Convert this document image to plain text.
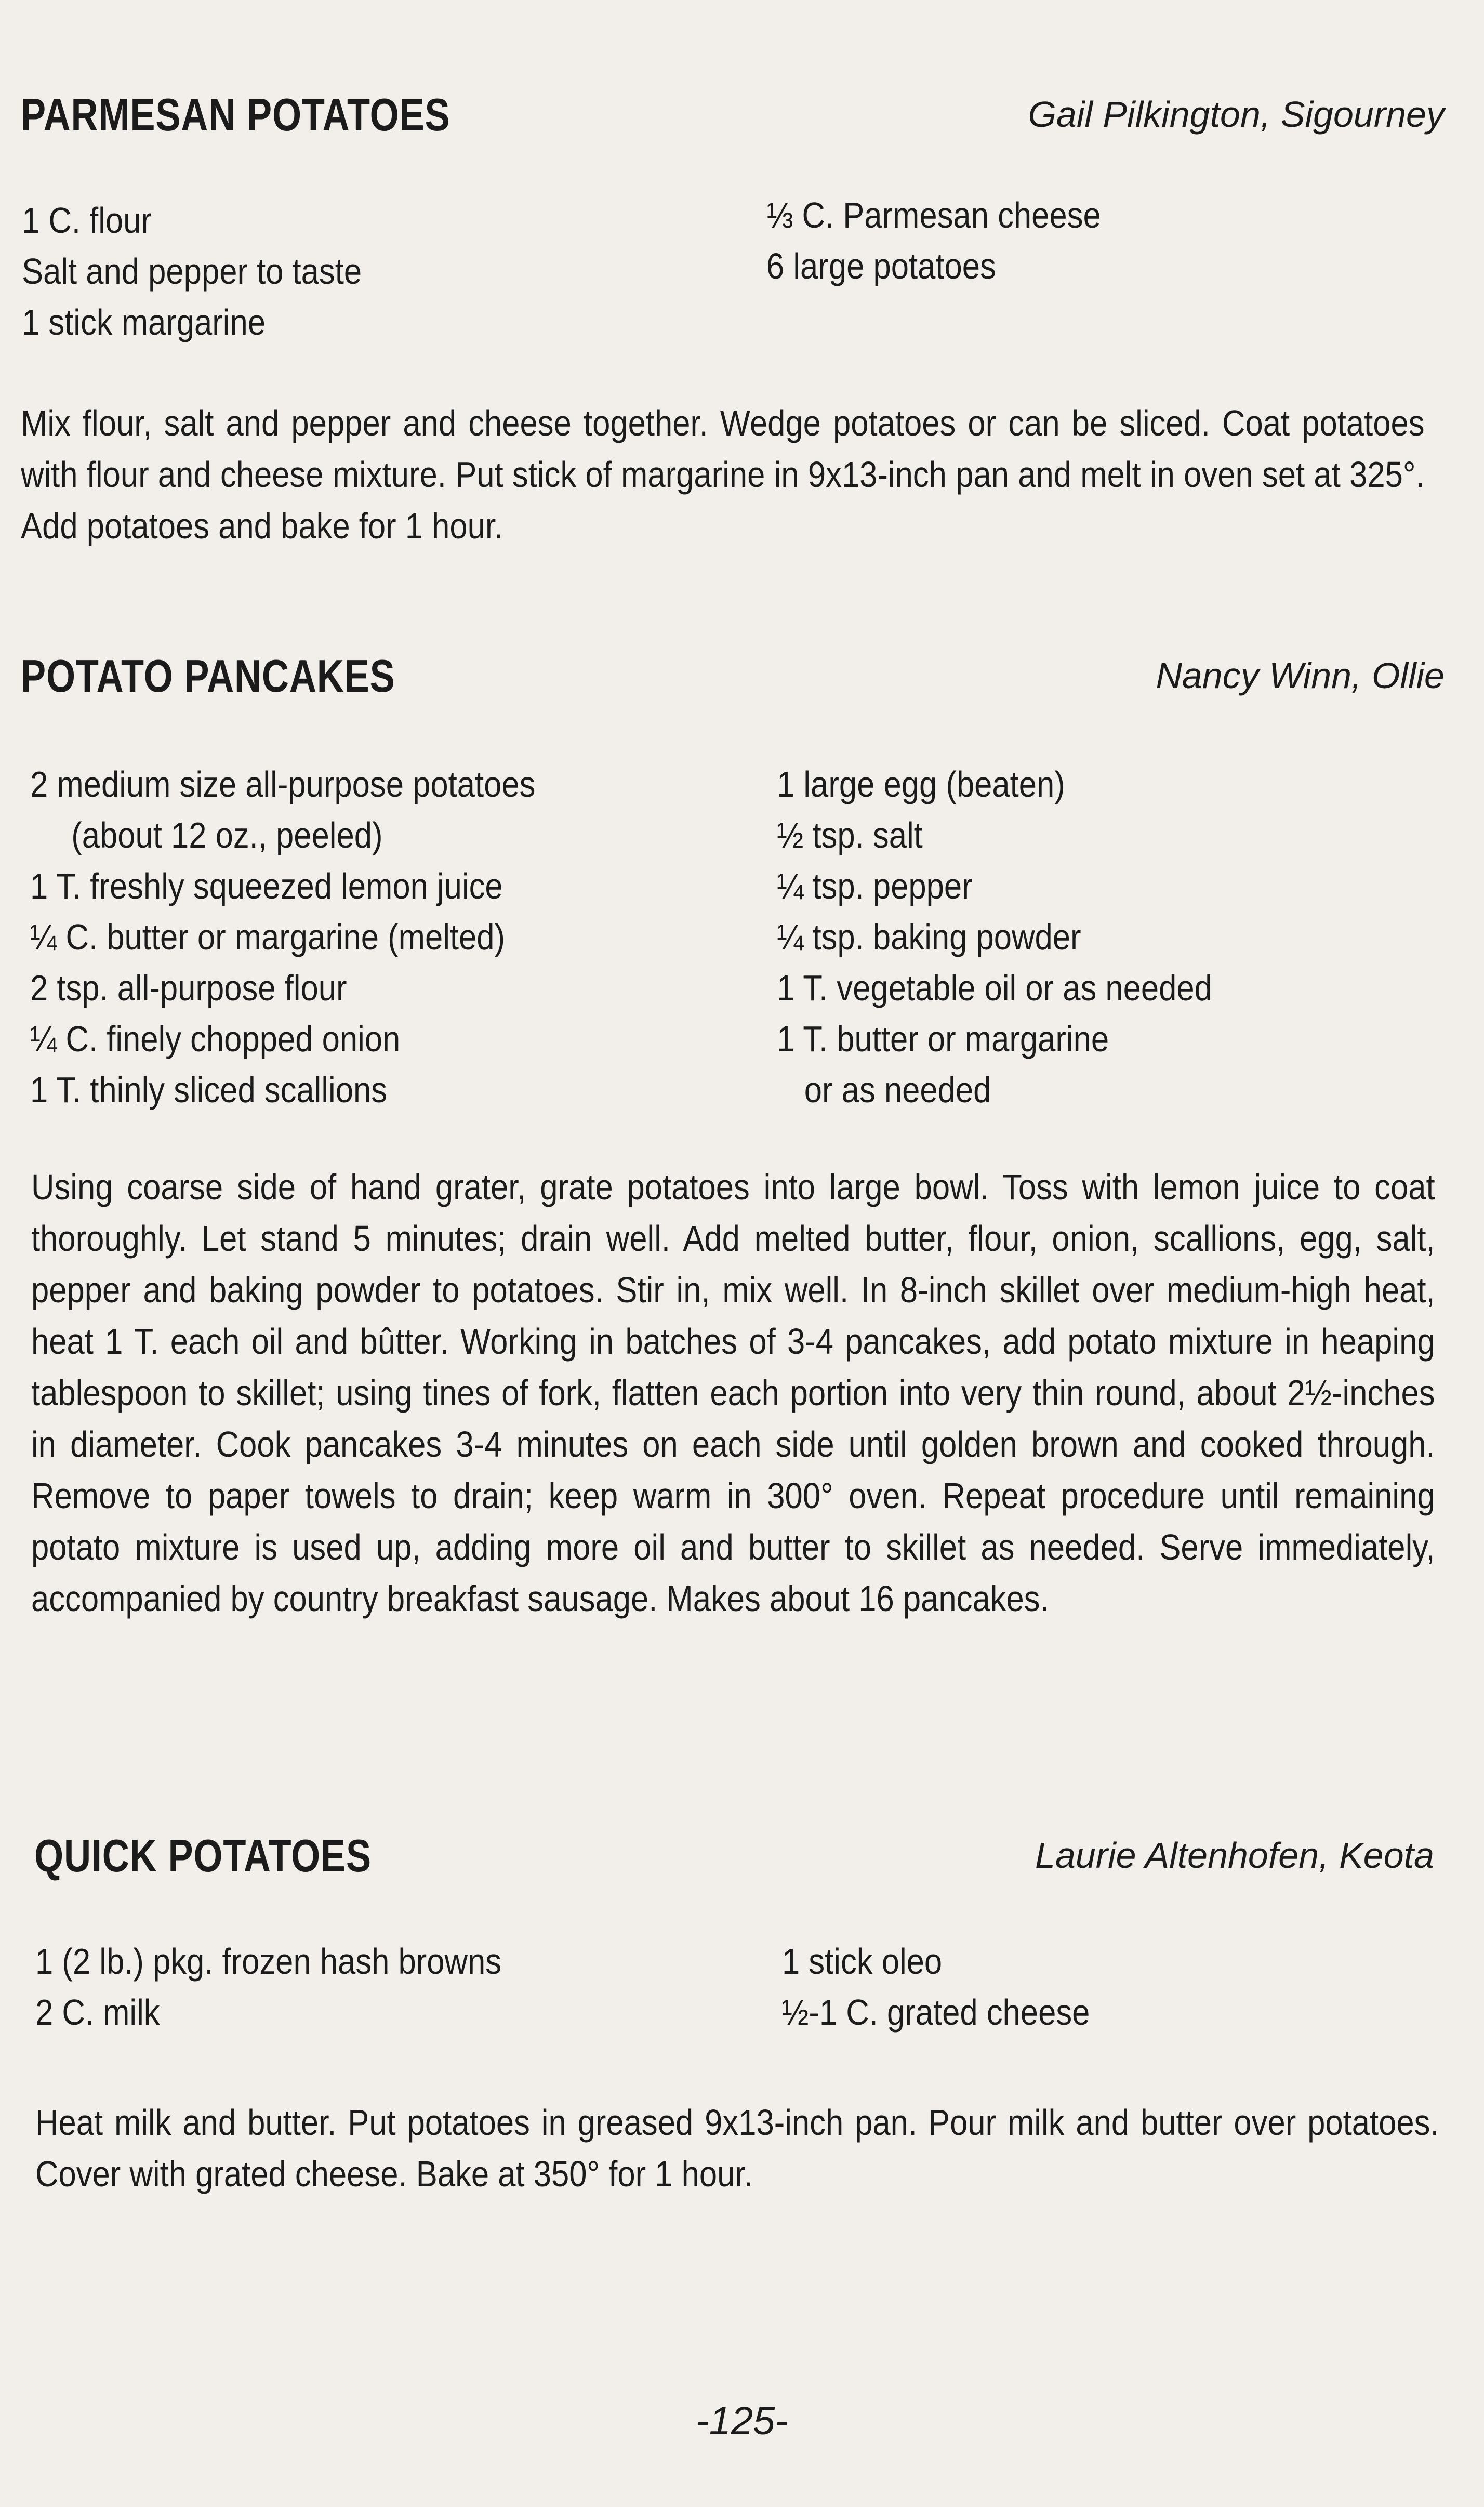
PARMESAN POTATOES	Gail Pilkington, Sigourney
1 C. flour
Salt and pepper to taste
1 stick margarine
⅓ C. Parmesan cheese
6 large potatoes
Mix flour, salt and pepper and cheese together. Wedge potatoes or can be sliced. Coat potatoes with flour and cheese mixture. Put stick of margarine in 9x13-inch pan and melt in oven set at 325°. Add potatoes and bake for 1 hour.
POTATO PANCAKES	Nancy Winn, Ollie
2 medium size all-purpose potatoes
(about 12 oz., peeled)
1 T. freshly squeezed lemon juice
¼ C. butter or margarine (melted)
2 tsp. all-purpose flour
¼ C. finely chopped onion
1 T. thinly sliced scallions
1 large egg (beaten)
½ tsp. salt
¼ tsp. pepper
¼ tsp. baking powder
1 T. vegetable oil or as needed
1 T. butter or margarine
or as needed
Using coarse side of hand grater, grate potatoes into large bowl. Toss with lemon juice to coat thoroughly. Let stand 5 minutes; drain well. Add melted butter, flour, onion, scallions, egg, salt, pepper and baking powder to potatoes. Stir in, mix well. In 8-inch skillet over medium-high heat, heat 1 T. each oil and bûtter. Working in batches of 3-4 pancakes, add potato mixture in heaping tablespoon to skillet; using tines of fork, flatten each portion into very thin round, about 2½-inches in diameter. Cook pancakes 3-4 minutes on each side until golden brown and cooked through. Remove to paper towels to drain; keep warm in 300° oven. Repeat procedure until remaining potato mixture is used up, adding more oil and butter to skillet as needed. Serve immediately, accompanied by country breakfast sausage. Makes about 16 pancakes.
QUICK POTATOES	Laurie Altenhofen, Keota
1 (2 lb.) pkg. frozen hash browns
2 C. milk
1 stick oleo
½-1 C. grated cheese
Heat milk and butter. Put potatoes in greased 9x13-inch pan. Pour milk and butter over potatoes. Cover with grated cheese. Bake at 350° for 1 hour.
-125-
